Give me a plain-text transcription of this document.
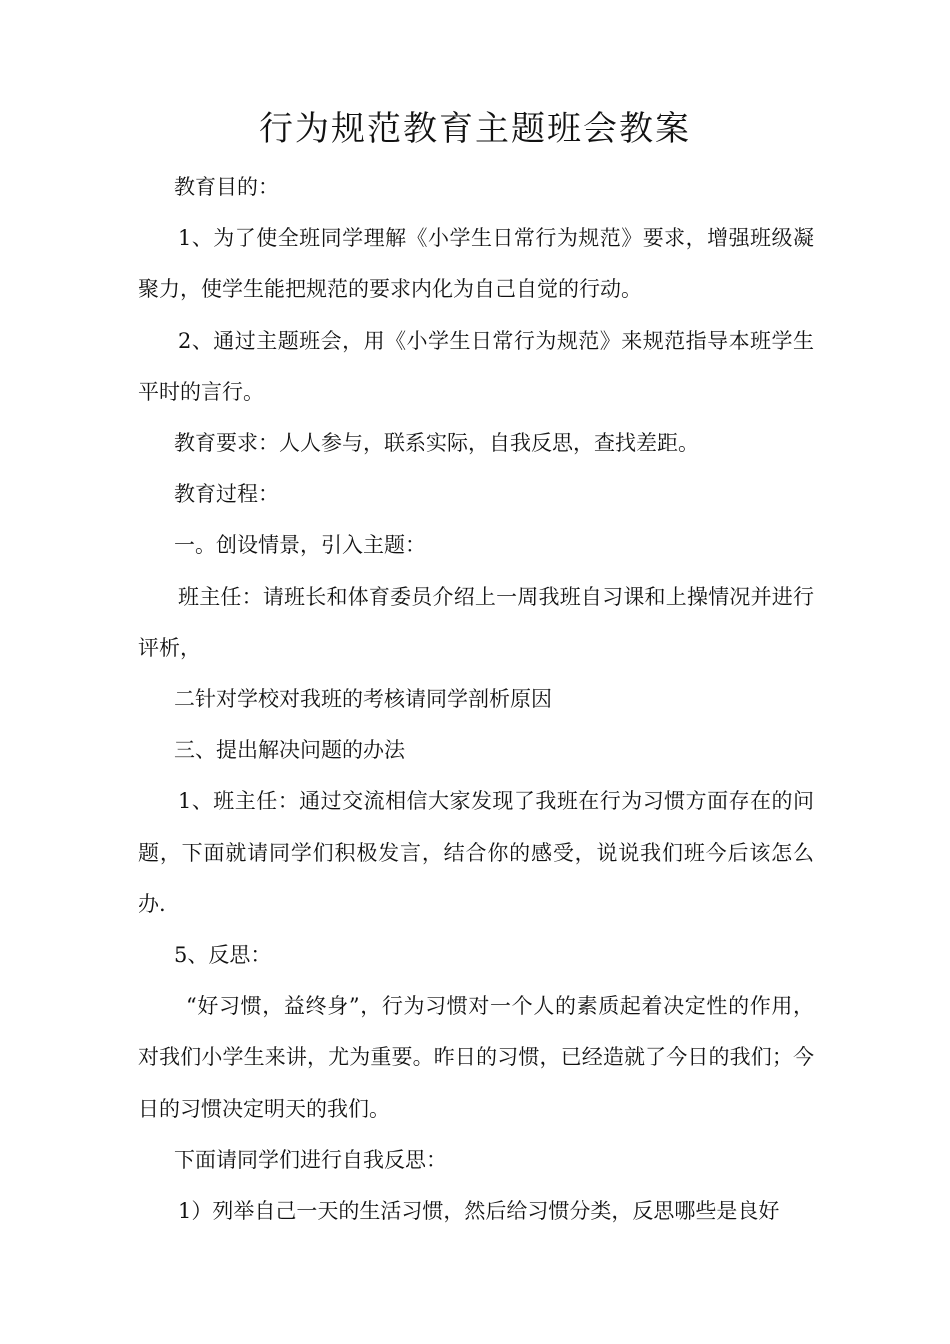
行为规范教育主题班会教案

教育目的：

1、为了使全班同学理解《小学生日常行为规范》要求，增强班级凝聚力，使学生能把规范的要求内化为自己自觉的行动。

2、通过主题班会，用《小学生日常行为规范》来规范指导本班学生平时的言行。

教育要求：人人参与，联系实际，自我反思，查找差距。

教育过程：

一。创设情景，引入主题：

班主任：请班长和体育委员介绍上一周我班自习课和上操情况并进行评析，

二针对学校对我班的考核请同学剖析原因

三、提出解决问题的办法

1、班主任：通过交流相信大家发现了我班在行为习惯方面存在的问题，下面就请同学们积极发言，结合你的感受，说说我们班今后该怎么办.

5、反思：

“好习惯，益终身”，行为习惯对一个人的素质起着决定性的作用，对我们小学生来讲，尤为重要。昨日的习惯，已经造就了今日的我们；今日的习惯决定明天的我们。

下面请同学们进行自我反思：

1）列举自己一天的生活习惯，然后给习惯分类，反思哪些是良好
